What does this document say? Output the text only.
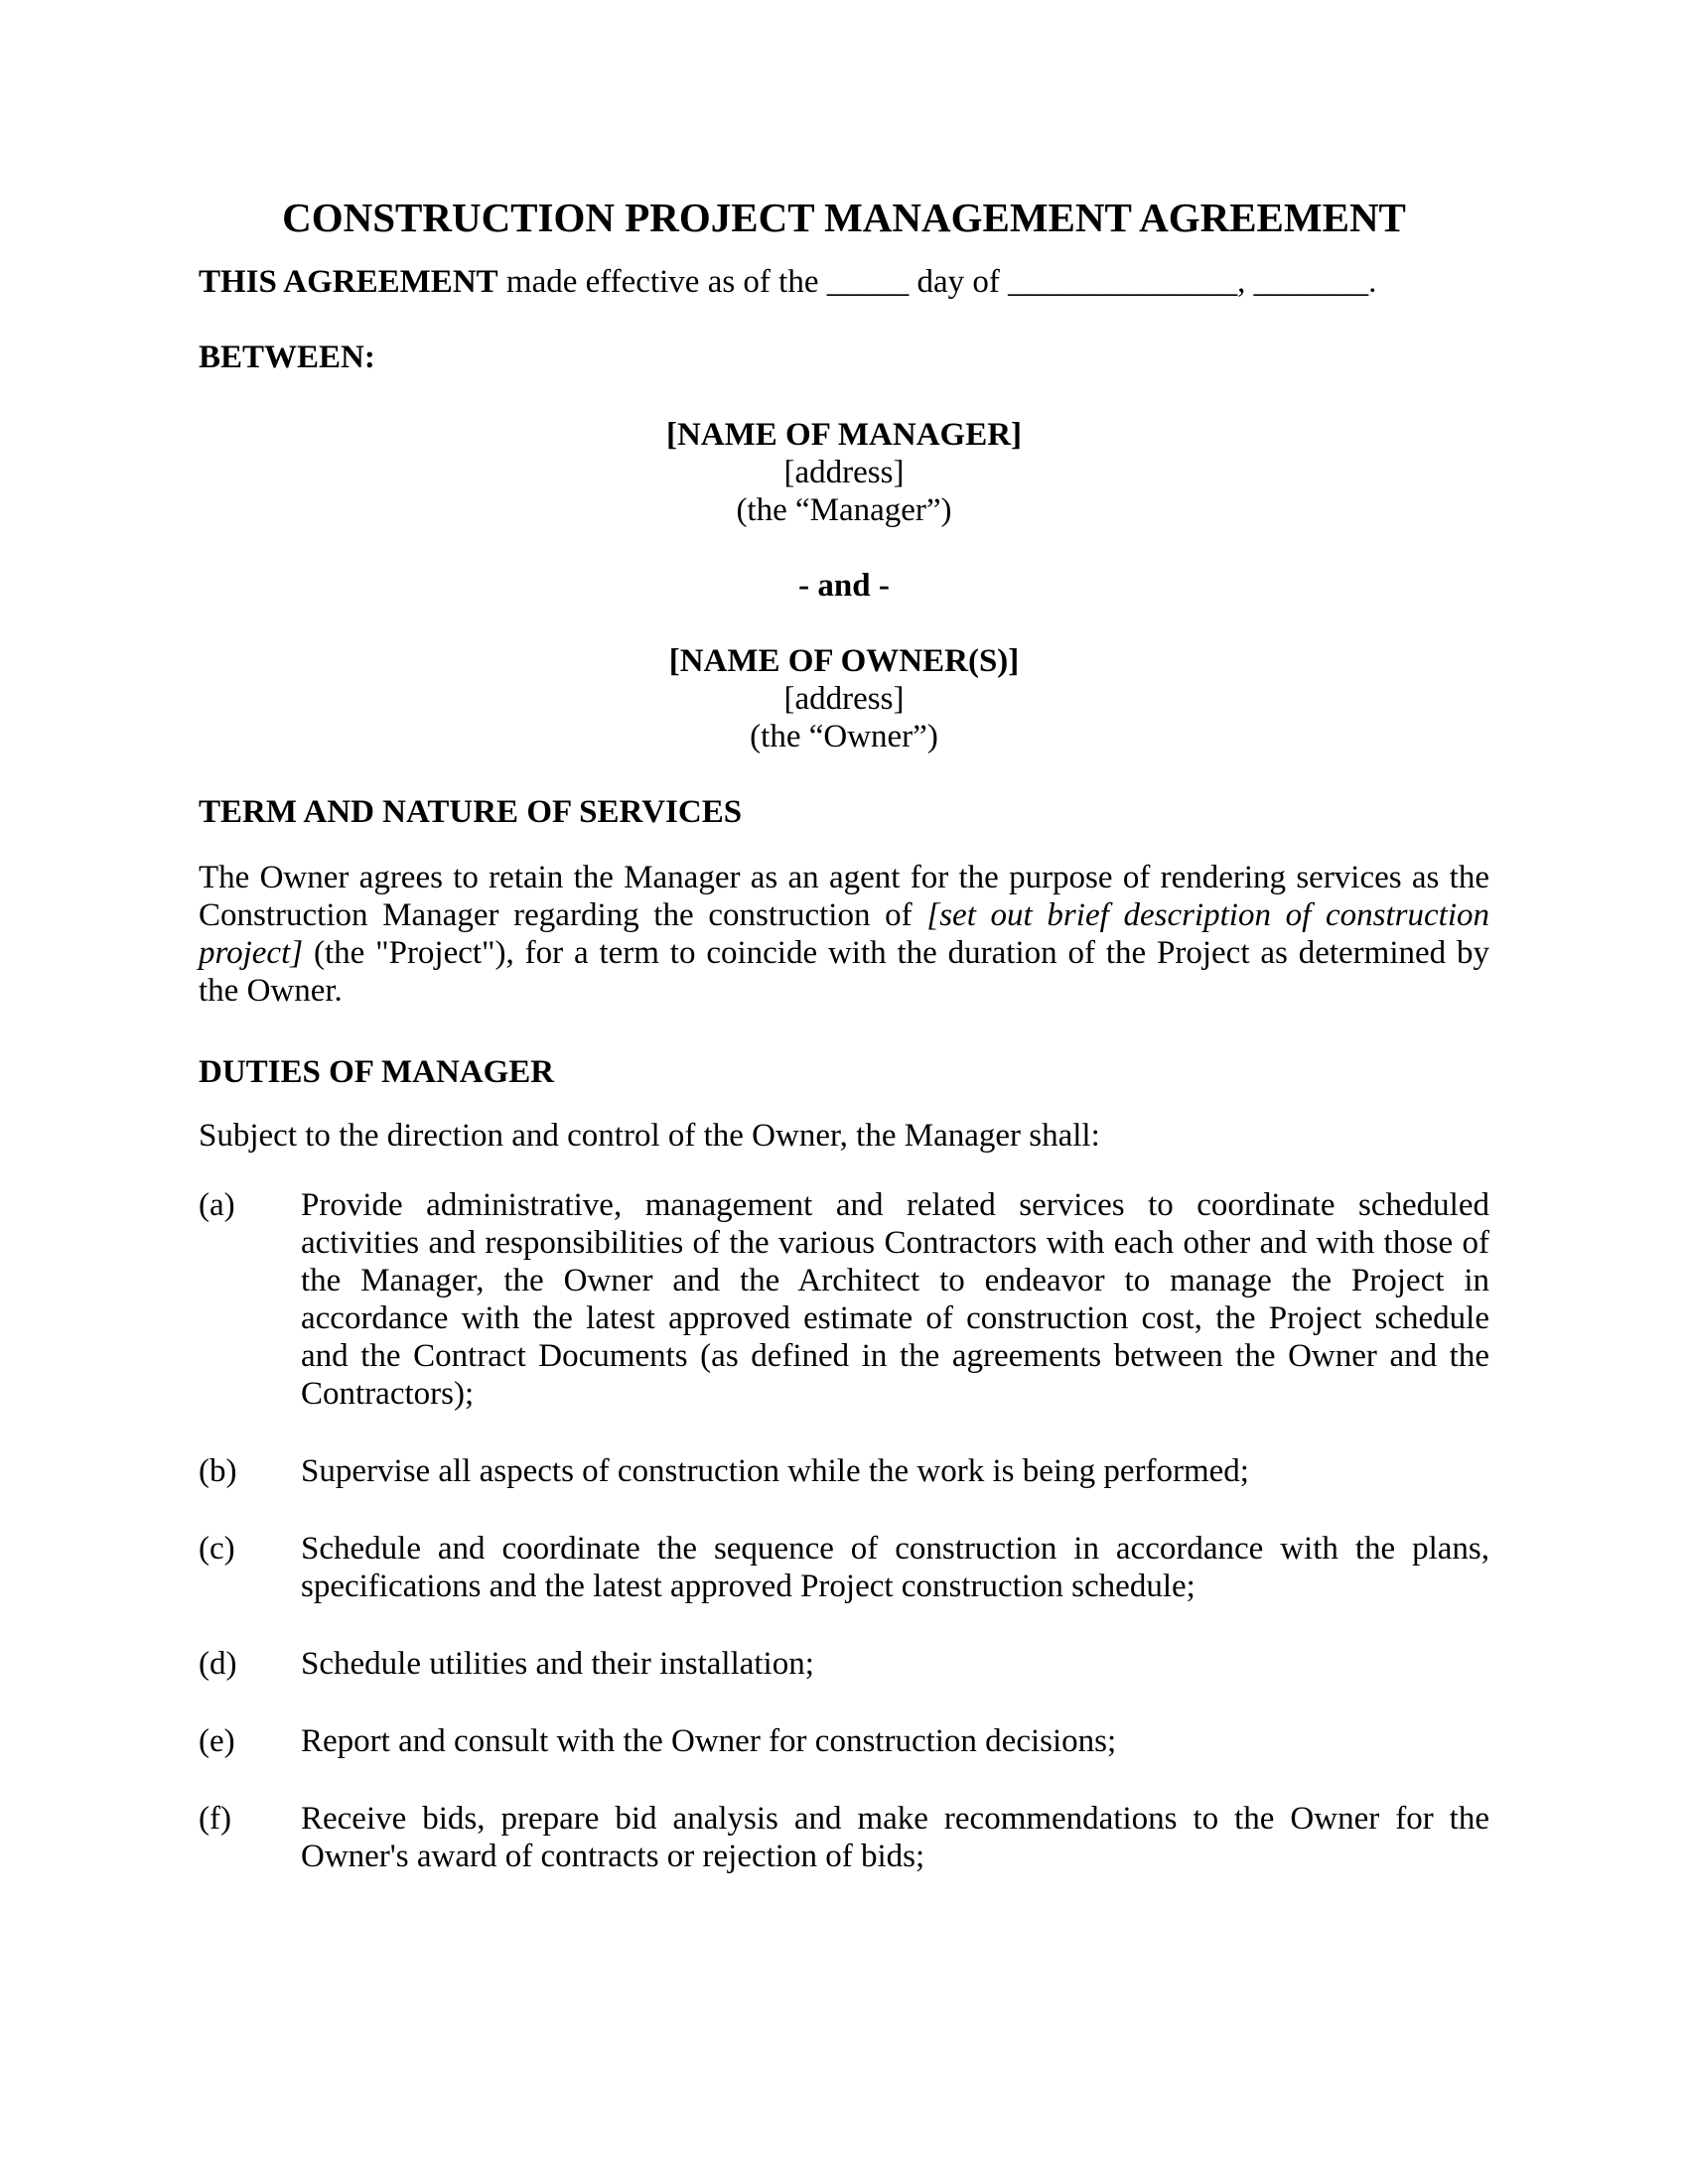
CONSTRUCTION PROJECT MANAGEMENT AGREEMENT

THIS AGREEMENT made effective as of the _____ day of ______________, _______.

BETWEEN:

[NAME OF MANAGER]
[address]
(the “Manager”)
- and -
[NAME OF OWNER(S)]
[address]
(the “Owner”)
TERM AND NATURE OF SERVICES

The Owner agrees to retain the Manager as an agent for the purpose of rendering services as the Construction Manager regarding the construction of [set out brief description of construction project] (the "Project"), for a term to coincide with the duration of the Project as determined by the Owner.

DUTIES OF MANAGER

Subject to the direction and control of the Owner, the Manager shall:

(a)	Provide administrative, management and related services to coordinate scheduled activities and responsibilities of the various Contractors with each other and with those of the Manager, the Owner and the Architect to endeavor to manage the Project in accordance with the latest approved estimate of construction cost, the Project schedule and the Contract Documents (as defined in the agreements between the Owner and the Contractors);
(b)	Supervise all aspects of construction while the work is being performed;
(c)	Schedule and coordinate the sequence of construction in accordance with the plans, specifications and the latest approved Project construction schedule;
(d)	Schedule utilities and their installation;
(e)	Report and consult with the Owner for construction decisions;
(f)	Receive bids, prepare bid analysis and make recommendations to the Owner for the Owner's award of contracts or rejection of bids;
